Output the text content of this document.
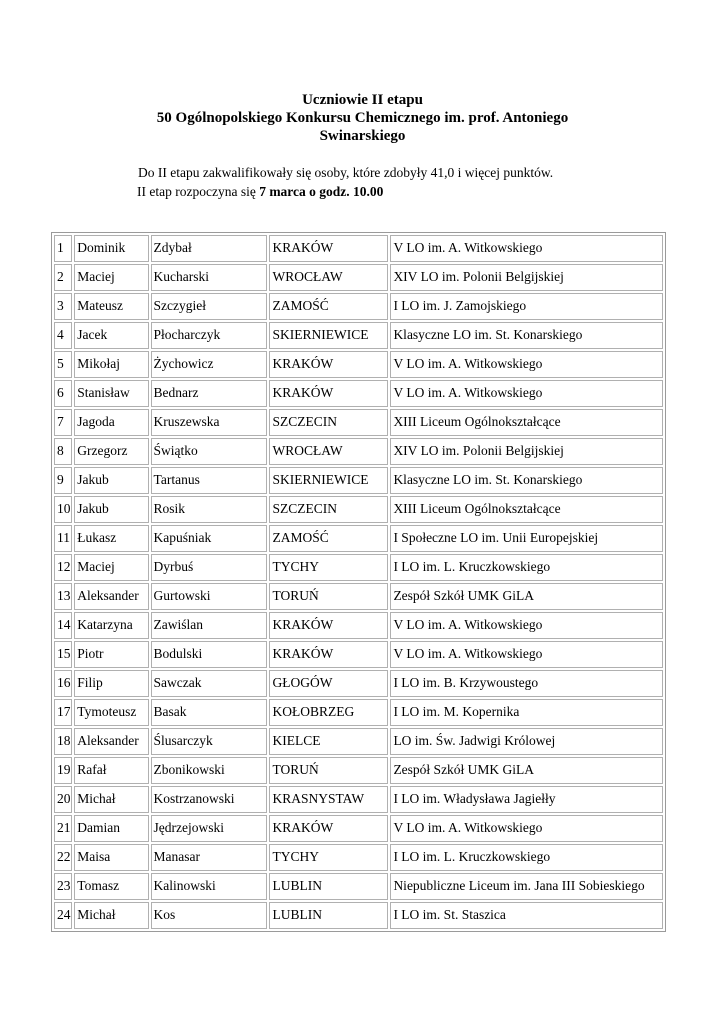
Uczniowie II etapu
50 Ogólnopolskiego Konkursu Chemicznego im. prof. Antoniego
Swinarskiego
Do II etapu zakwalifikowały się osoby, które zdobyły 41,0 i więcej punktów.
II etap rozpoczyna się 7 marca o godz. 10.00
1	Dominik	Zdybał	KRAKÓW	V LO im. A. Witkowskiego
2	Maciej	Kucharski	WROCŁAW	XIV LO im. Polonii Belgijskiej
3	Mateusz	Szczygieł	ZAMOŚĆ	I LO im. J. Zamojskiego
4	Jacek	Płocharczyk	SKIERNIEWICE	Klasyczne LO im. St. Konarskiego
5	Mikołaj	Żychowicz	KRAKÓW	V LO im. A. Witkowskiego
6	Stanisław	Bednarz	KRAKÓW	V LO im. A. Witkowskiego
7	Jagoda	Kruszewska	SZCZECIN	XIII Liceum Ogólnokształcące
8	Grzegorz	Świątko	WROCŁAW	XIV LO im. Polonii Belgijskiej
9	Jakub	Tartanus	SKIERNIEWICE	Klasyczne LO im. St. Konarskiego
10	Jakub	Rosik	SZCZECIN	XIII Liceum Ogólnokształcące
11	Łukasz	Kapuśniak	ZAMOŚĆ	I Społeczne LO im. Unii Europejskiej
12	Maciej	Dyrbuś	TYCHY	I LO im. L. Kruczkowskiego
13	Aleksander	Gurtowski	TORUŃ	Zespół Szkół UMK GiLA
14	Katarzyna	Zawiślan	KRAKÓW	V LO im. A. Witkowskiego
15	Piotr	Bodulski	KRAKÓW	V LO im. A. Witkowskiego
16	Filip	Sawczak	GŁOGÓW	I LO im. B. Krzywoustego
17	Tymoteusz	Basak	KOŁOBRZEG	I LO im. M. Kopernika
18	Aleksander	Ślusarczyk	KIELCE	LO im. Św. Jadwigi Królowej
19	Rafał	Zbonikowski	TORUŃ	Zespół Szkół UMK GiLA
20	Michał	Kostrzanowski	KRASNYSTAW	I LO im. Władysława Jagiełły
21	Damian	Jędrzejowski	KRAKÓW	V LO im. A. Witkowskiego
22	Maisa	Manasar	TYCHY	I LO im. L. Kruczkowskiego
23	Tomasz	Kalinowski	LUBLIN	Niepubliczne Liceum im. Jana III Sobieskiego
24	Michał	Kos	LUBLIN	I LO im. St. Staszica
